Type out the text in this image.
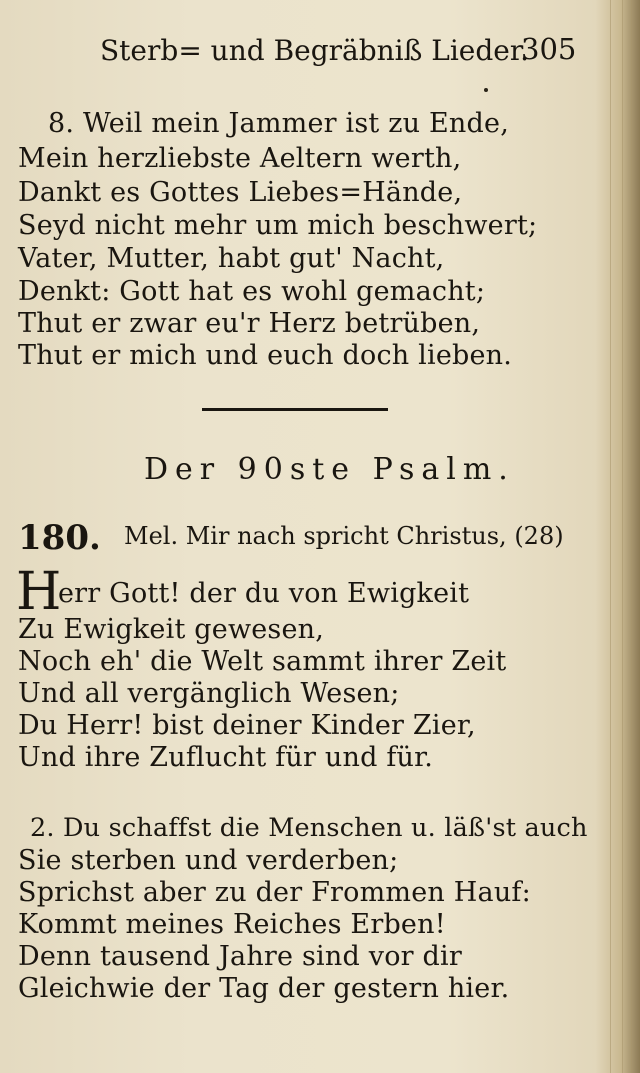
Sterb= und Begräbniß Lieder.
305
8. Weil mein Jammer ist zu Ende,
Mein herzliebste Aeltern werth,
Dankt es Gottes Liebes=Hände,
Seyd nicht mehr um mich beschwert;
Vater, Mutter, habt gut' Nacht,
Denkt: Gott hat es wohl gemacht;
Thut er zwar eu'r Herz betrüben,
Thut er mich und euch doch lieben.
Der 90ste Psalm.
180. Mel. Mir nach spricht Christus, (28)
H
err Gott! der du von Ewigkeit
Zu Ewigkeit gewesen,
Noch eh' die Welt sammt ihrer Zeit
Und all vergänglich Wesen;
Du Herr! bist deiner Kinder Zier,
Und ihre Zuflucht für und für.
2. Du schaffst die Menschen u. läß'st auch
Sie sterben und verderben;
Sprichst aber zu der Frommen Hauf:
Kommt meines Reiches Erben!
Denn tausend Jahre sind vor dir
Gleichwie der Tag der gestern hier.
